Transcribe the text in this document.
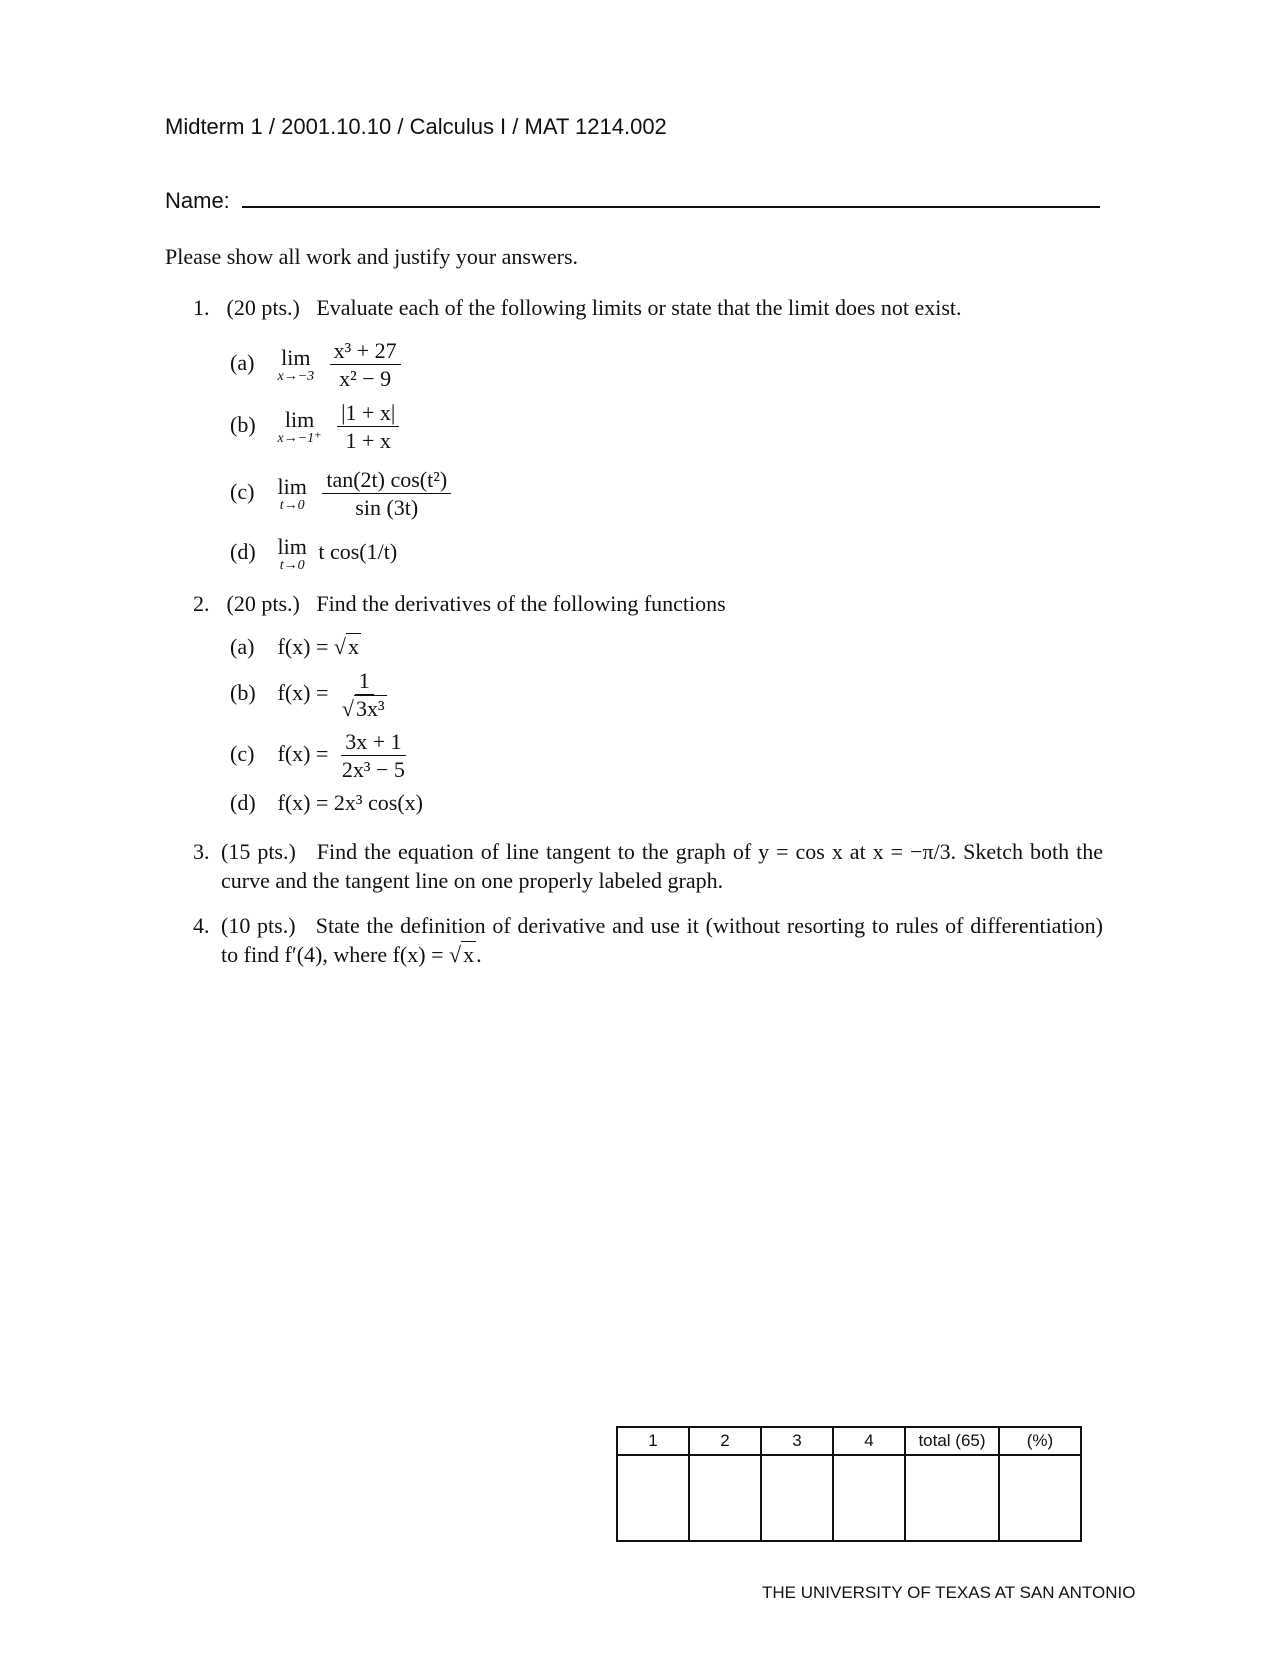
Midterm 1 / 2001.10.10 / Calculus I / MAT 1214.002
Name:
Please show all work and justify your answers.
1. (20 pts.) Evaluate each of the following limits or state that the limit does not exist.
(a) lim
x→−3
$\frac{\text{x³ + 27}}{\text{x² − 9}}$
(b) lim
x→−1⁺
$\frac{|1 + x|}{1 + x}$
(c) lim
t→0
$\frac{\text{tan(2t) cos(t²)}}{\sin (3t)}$
(d) lim
t→0
t cos(1/t)
2. (20 pts.) Find the derivatives of the following functions
(a) f(x) = √x
(b) $f(x) = \frac{1}{\text{√3x³}}$
(c) $f(x) = \frac{3x + 1}{\text{2x³ − 5}}$
(d) f(x) = 2x³ cos(x)
3. (15 pts.) Find the equation of line tangent to the graph of y = cos x at x = −π/3. Sketch both the curve and the tangent line on one properly labeled graph.
4. (10 pts.) State the definition of derivative and use it (without resorting to rules of differentiation) to find f′(4), where f(x) = √x.
1	2	3	4	total (65)	(%)

THE UNIVERSITY OF TEXAS AT SAN ANTONIO
